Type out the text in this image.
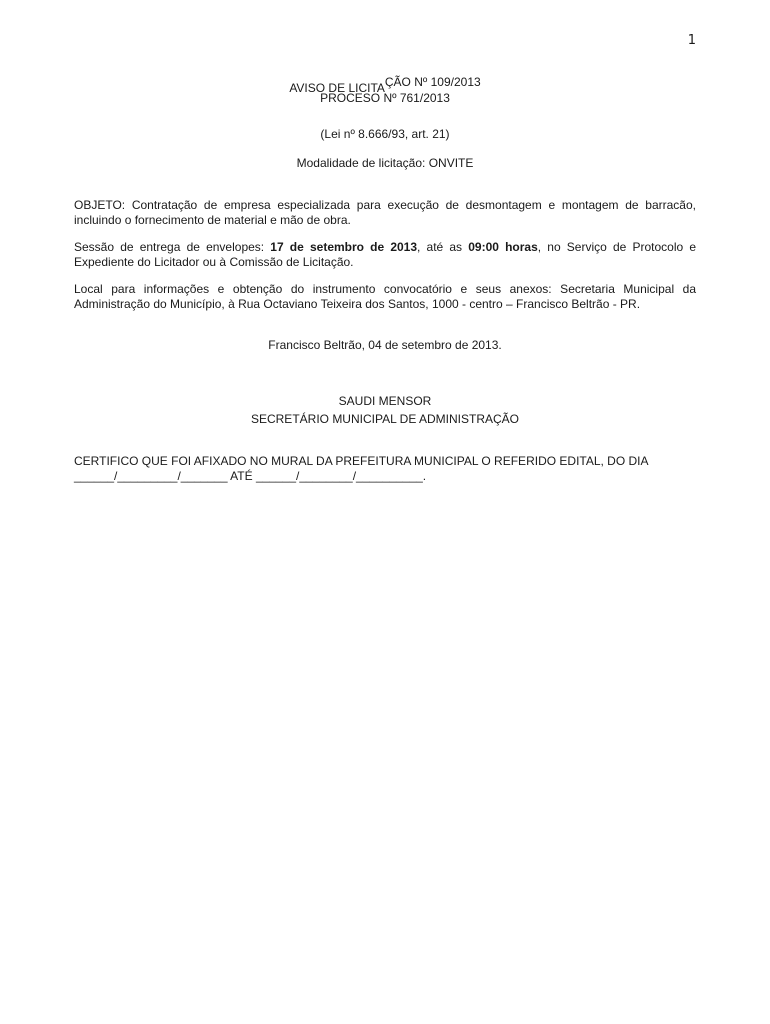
1
AVISO DE LICITAÇÃO Nº 109/2013
PROCESO Nº 761/2013
(Lei nº 8.666/93, art. 21)
Modalidade de licitação: ONVITE
OBJETO: Contratação de empresa especializada para execução de desmontagem e montagem de barracão, incluindo o fornecimento de material e mão de obra.
Sessão de entrega de envelopes: 17 de setembro de 2013, até as 09:00 horas, no Serviço de Protocolo e Expediente do Licitador ou à Comissão de Licitação.
Local para informações e obtenção do instrumento convocatório e seus anexos: Secretaria Municipal da Administração do Município, à Rua Octaviano Teixeira dos Santos, 1000 - centro – Francisco Beltrão - PR.
Francisco Beltrão, 04 de setembro de 2013.
SAUDI MENSOR
SECRETÁRIO MUNICIPAL DE ADMINISTRAÇÃO
CERTIFICO QUE FOI AFIXADO NO MURAL DA PREFEITURA MUNICIPAL O REFERIDO EDITAL, DO DIA
______/_________/_______ ATÉ ______/________/__________.
